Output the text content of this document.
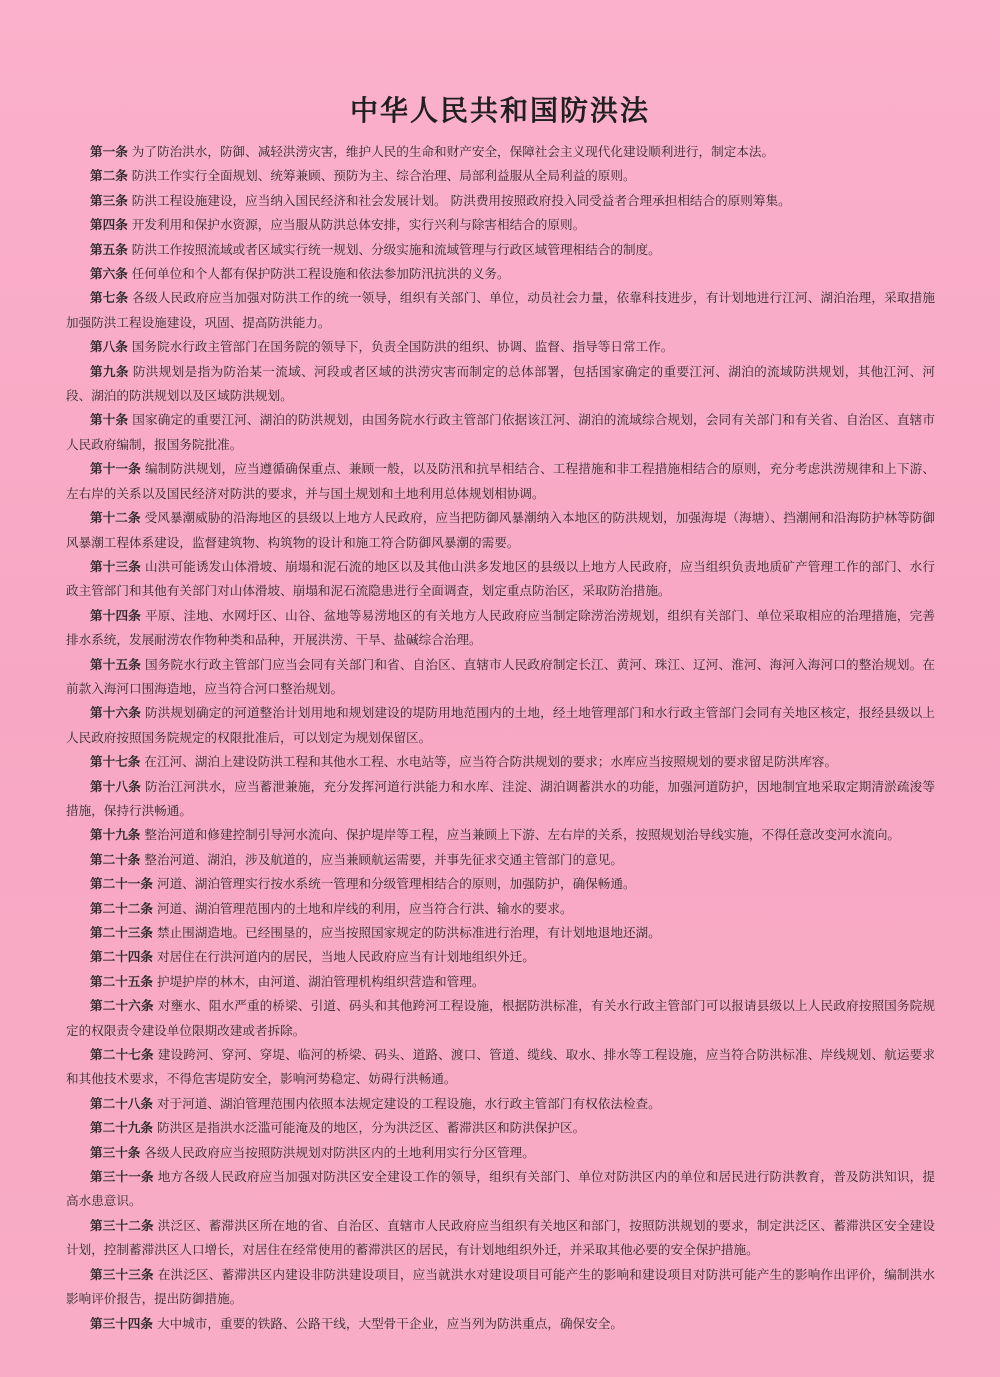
中华人民共和国防洪法

第一条 为了防治洪水，防御、减轻洪涝灾害，维护人民的生命和财产安全，保障社会主义现代化建设顺利进行，制定本法。

第二条 防洪工作实行全面规划、统筹兼顾、预防为主、综合治理、局部利益服从全局利益的原则。

第三条 防洪工程设施建设，应当纳入国民经济和社会发展计划。 防洪费用按照政府投入同受益者合理承担相结合的原则筹集。

第四条 开发利用和保护水资源，应当服从防洪总体安排，实行兴利与除害相结合的原则。

第五条 防洪工作按照流域或者区域实行统一规划、分级实施和流域管理与行政区域管理相结合的制度。

第六条 任何单位和个人都有保护防洪工程设施和依法参加防汛抗洪的义务。

第七条 各级人民政府应当加强对防洪工作的统一领导，组织有关部门、单位，动员社会力量，依靠科技进步，有计划地进行江河、湖泊治理，采取措施加强防洪工程设施建设，巩固、提高防洪能力。

第八条 国务院水行政主管部门在国务院的领导下，负责全国防洪的组织、协调、监督、指导等日常工作。

第九条 防洪规划是指为防治某一流域、河段或者区域的洪涝灾害而制定的总体部署，包括国家确定的重要江河、湖泊的流域防洪规划，其他江河、河段、湖泊的防洪规划以及区域防洪规划。

第十条 国家确定的重要江河、湖泊的防洪规划，由国务院水行政主管部门依据该江河、湖泊的流域综合规划，会同有关部门和有关省、自治区、直辖市人民政府编制，报国务院批准。

第十一条 编制防洪规划，应当遵循确保重点、兼顾一般，以及防汛和抗旱相结合、工程措施和非工程措施相结合的原则，充分考虑洪涝规律和上下游、左右岸的关系以及国民经济对防洪的要求，并与国土规划和土地利用总体规划相协调。

第十二条 受风暴潮威胁的沿海地区的县级以上地方人民政府，应当把防御风暴潮纳入本地区的防洪规划，加强海堤（海塘）、挡潮闸和沿海防护林等防御风暴潮工程体系建设，监督建筑物、构筑物的设计和施工符合防御风暴潮的需要。

第十三条 山洪可能诱发山体滑坡、崩塌和泥石流的地区以及其他山洪多发地区的县级以上地方人民政府，应当组织负责地质矿产管理工作的部门、水行政主管部门和其他有关部门对山体滑坡、崩塌和泥石流隐患进行全面调查，划定重点防治区，采取防治措施。

第十四条 平原、洼地、水网圩区、山谷、盆地等易涝地区的有关地方人民政府应当制定除涝治涝规划，组织有关部门、单位采取相应的治理措施，完善排水系统，发展耐涝农作物种类和品种，开展洪涝、干旱、盐碱综合治理。

第十五条 国务院水行政主管部门应当会同有关部门和省、自治区、直辖市人民政府制定长江、黄河、珠江、辽河、淮河、海河入海河口的整治规划。在前款入海河口围海造地，应当符合河口整治规划。

第十六条 防洪规划确定的河道整治计划用地和规划建设的堤防用地范围内的土地，经土地管理部门和水行政主管部门会同有关地区核定，报经县级以上人民政府按照国务院规定的权限批准后，可以划定为规划保留区。

第十七条 在江河、湖泊上建设防洪工程和其他水工程、水电站等，应当符合防洪规划的要求；水库应当按照规划的要求留足防洪库容。

第十八条 防治江河洪水，应当蓄泄兼施，充分发挥河道行洪能力和水库、洼淀、湖泊调蓄洪水的功能，加强河道防护，因地制宜地采取定期清淤疏浚等措施，保持行洪畅通。

第十九条 整治河道和修建控制引导河水流向、保护堤岸等工程，应当兼顾上下游、左右岸的关系，按照规划治导线实施，不得任意改变河水流向。

第二十条 整治河道、湖泊，涉及航道的，应当兼顾航运需要，并事先征求交通主管部门的意见。

第二十一条 河道、湖泊管理实行按水系统一管理和分级管理相结合的原则，加强防护，确保畅通。

第二十二条 河道、湖泊管理范围内的土地和岸线的利用，应当符合行洪、输水的要求。

第二十三条 禁止围湖造地。已经围垦的，应当按照国家规定的防洪标准进行治理，有计划地退地还湖。

第二十四条 对居住在行洪河道内的居民，当地人民政府应当有计划地组织外迁。

第二十五条 护堤护岸的林木，由河道、湖泊管理机构组织营造和管理。

第二十六条 对壅水、阻水严重的桥梁、引道、码头和其他跨河工程设施，根据防洪标准，有关水行政主管部门可以报请县级以上人民政府按照国务院规定的权限责令建设单位限期改建或者拆除。

第二十七条 建设跨河、穿河、穿堤、临河的桥梁、码头、道路、渡口、管道、缆线、取水、排水等工程设施，应当符合防洪标准、岸线规划、航运要求和其他技术要求，不得危害堤防安全，影响河势稳定、妨碍行洪畅通。

第二十八条 对于河道、湖泊管理范围内依照本法规定建设的工程设施，水行政主管部门有权依法检查。

第二十九条 防洪区是指洪水泛滥可能淹及的地区，分为洪泛区、蓄滞洪区和防洪保护区。

第三十条 各级人民政府应当按照防洪规划对防洪区内的土地利用实行分区管理。

第三十一条 地方各级人民政府应当加强对防洪区安全建设工作的领导，组织有关部门、单位对防洪区内的单位和居民进行防洪教育，普及防洪知识，提高水患意识。

第三十二条 洪泛区、蓄滞洪区所在地的省、自治区、直辖市人民政府应当组织有关地区和部门，按照防洪规划的要求，制定洪泛区、蓄滞洪区安全建设计划，控制蓄滞洪区人口增长，对居住在经常使用的蓄滞洪区的居民，有计划地组织外迁，并采取其他必要的安全保护措施。

第三十三条 在洪泛区、蓄滞洪区内建设非防洪建设项目，应当就洪水对建设项目可能产生的影响和建设项目对防洪可能产生的影响作出评价，编制洪水影响评价报告，提出防御措施。

第三十四条 大中城市，重要的铁路、公路干线，大型骨干企业，应当列为防洪重点，确保安全。
